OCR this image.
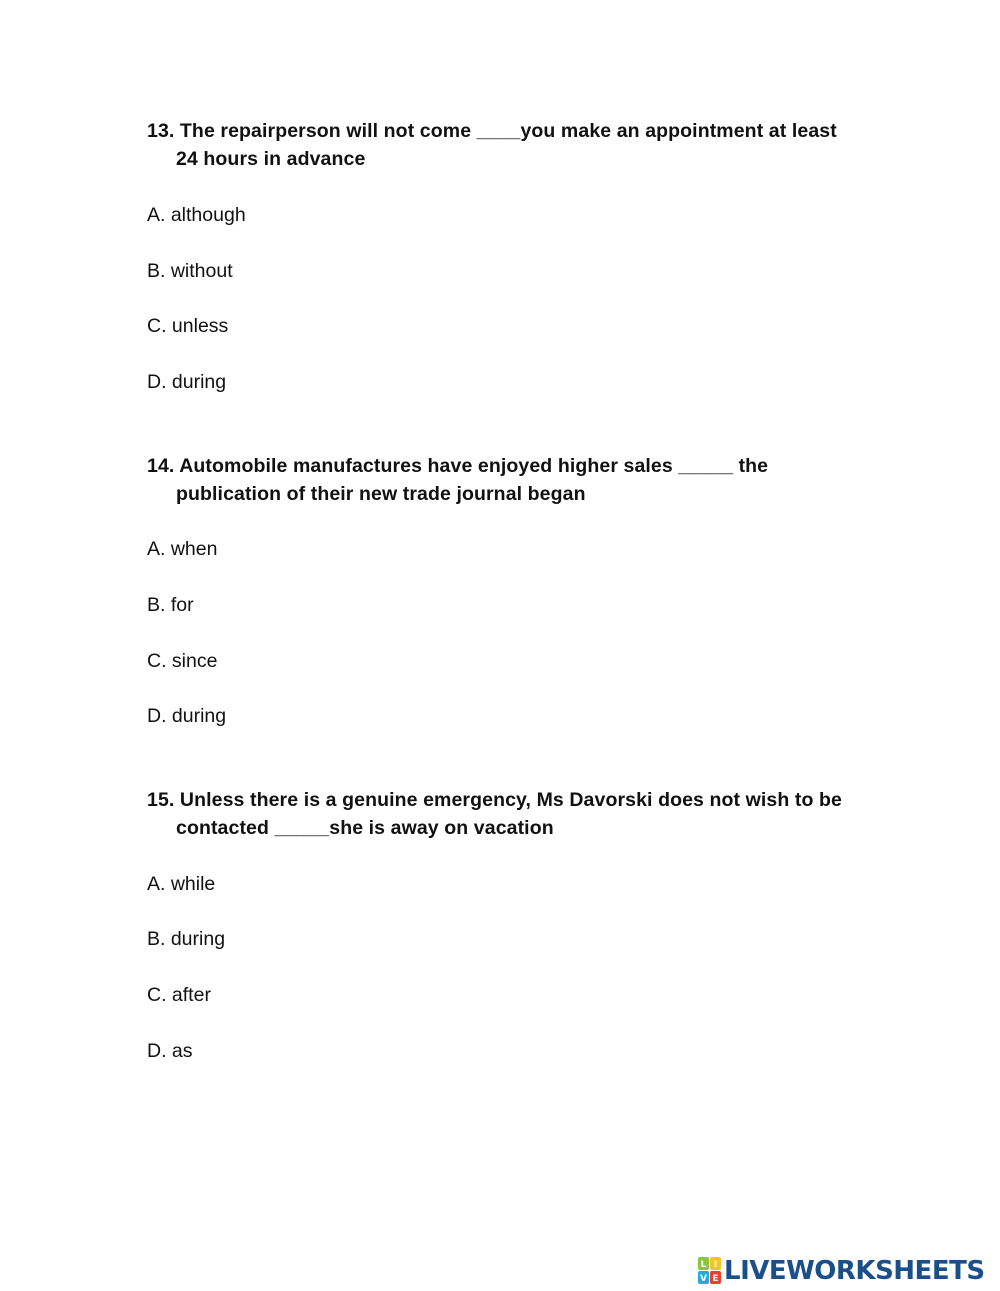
13. The repairperson will not come ____you make an appointment at least
24 hours in advance
A. although
B. without
C. unless
D. during
14. Automobile manufactures have enjoyed higher sales _____ the
publication of their new trade journal began
A. when
B. for
C. since
D. during
15. Unless there is a genuine emergency, Ms Davorski does not wish to be
contacted _____she is away on vacation
A. while
B. during
C. after
D. as
L I
V E LIVEWORKSHEETS
